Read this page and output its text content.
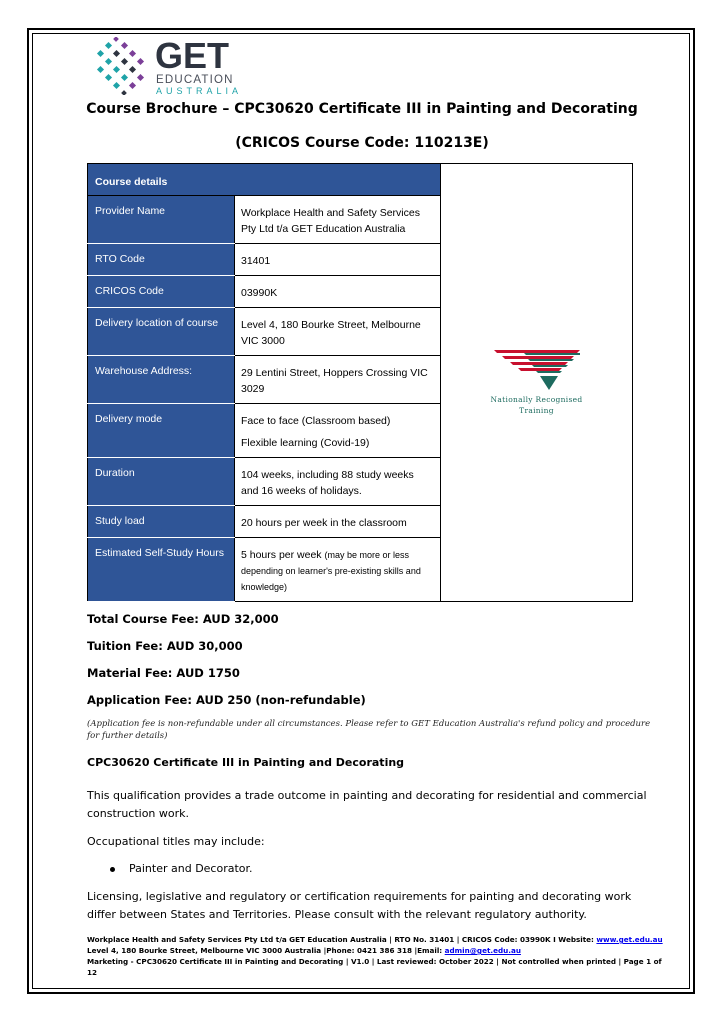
GET
EDUCATION
AUSTRALIA
Course Brochure – CPC30620 Certificate III in Painting and Decorating
(CRICOS Course Code: 110213E)
Course details		Nationally Recognised
Training

Provider Name	Workplace Health and Safety Services Pty Ltd t/a GET Education Australia	
RTO Code	31401	
CRICOS Code	03990K	
Delivery location of course	Level 4, 180 Bourke Street, Melbourne VIC 3000	
Warehouse Address:	29 Lentini Street, Hoppers Crossing VIC 3029	
Delivery mode	Face to face (Classroom based)
Flexible learning (Covid-19)	

Duration	104 weeks, including 88 study weeks and 16 weeks of holidays.	
Study load	20 hours per week in the classroom	
Estimated Self-Study Hours	5 hours per week (may be more or less depending on learner's pre-existing skills and knowledge)	
Total Course Fee: AUD 32,000
Tuition Fee: AUD 30,000
Material Fee: AUD 1750
Application Fee: AUD 250 (non-refundable)
(Application fee is non-refundable under all circumstances. Please refer to GET Education Australia's refund policy and procedure for further details)
CPC30620 Certificate III in Painting and Decorating
This qualification provides a trade outcome in painting and decorating for residential and commercial construction work.
Occupational titles may include:
Painter and Decorator.
Licensing, legislative and regulatory or certification requirements for painting and decorating work differ between States and Territories. Please consult with the relevant regulatory authority.
Workplace Health and Safety Services Pty Ltd t/a GET Education Australia | RTO No. 31401 | CRICOS Code: 03990K I Website: www.get.edu.au
Level 4, 180 Bourke Street, Melbourne VIC 3000 Australia |Phone: 0421 386 318 |Email: admin@get.edu.au
Marketing - CPC30620 Certificate III in Painting and Decorating | V1.0 | Last reviewed: October 2022 | Not controlled when printed | Page 1 of 12
